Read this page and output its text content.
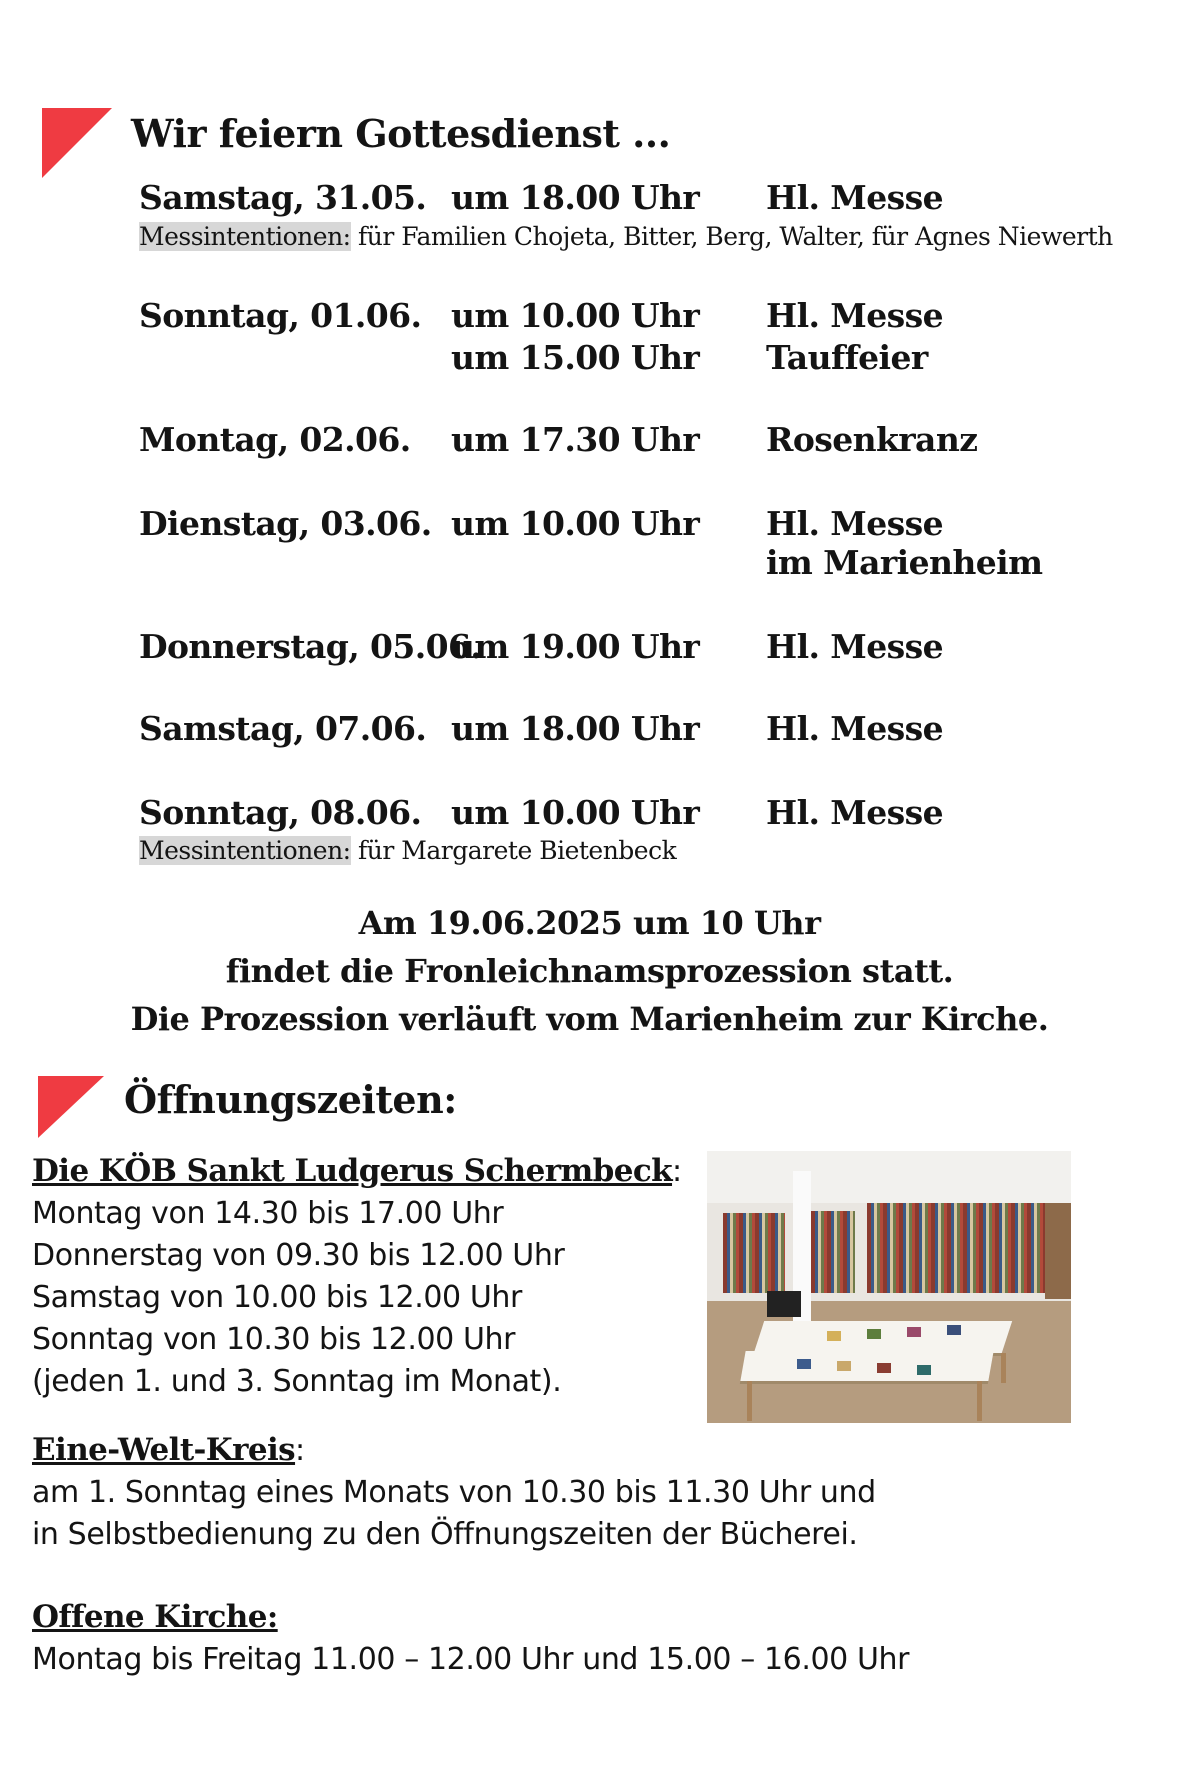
Wir feiern Gottesdienst ...
Samstag, 31.05. um 18.00 Uhr Hl. Messe
Messintentionen: für Familien Chojeta, Bitter, Berg, Walter, für Agnes Niewerth
Sonntag, 01.06. um 10.00 Uhr Hl. Messe
um 15.00 Uhr Tauffeier
Montag, 02.06. um 17.30 Uhr Rosenkranz
Dienstag, 03.06. um 10.00 Uhr Hl. Messe
im Marienheim
Donnerstag, 05.06.
um 19.00 Uhr Hl. Messe
Samstag, 07.06. um 18.00 Uhr Hl. Messe
Sonntag, 08.06. um 10.00 Uhr Hl. Messe
Messintentionen: für Margarete Bietenbeck
Am 19.06.2025 um 10 Uhr
findet die Fronleichnamsprozession statt.
Die Prozession verläuft vom Marienheim zur Kirche.
Öffnungszeiten:
Die KÖB Sankt Ludgerus Schermbeck:
Montag von 14.30 bis 17.00 Uhr
Donnerstag von 09.30 bis 12.00 Uhr
Samstag von 10.00 bis 12.00 Uhr
Sonntag von 10.30 bis 12.00 Uhr
(jeden 1. und 3. Sonntag im Monat).
Eine-Welt-Kreis:
am 1. Sonntag eines Monats von 10.30 bis 11.30 Uhr und
in Selbstbedienung zu den Öffnungszeiten der Bücherei.
Offene Kirche:
Montag bis Freitag 11.00 – 12.00 Uhr und 15.00 – 16.00 Uhr
